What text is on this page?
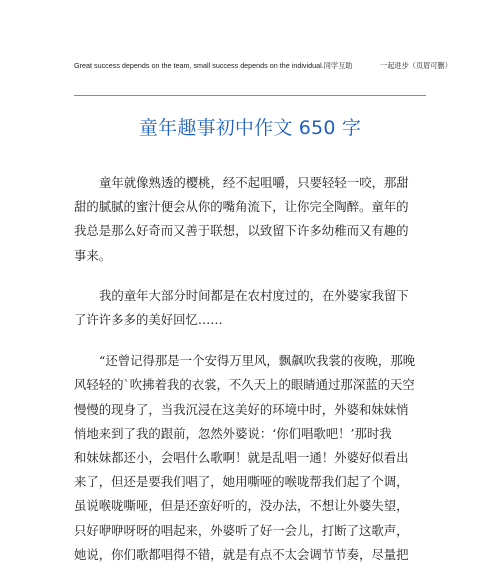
Great success depends on the team, small success depends on the individual.同学互助	一起进步（页眉可删）
童年趣事初中作文 650 字
童年就像熟透的樱桃，经不起咀嚼，只要轻轻一咬，那甜
甜的腻腻的蜜汁便会从你的嘴角流下，让你完全陶醉。童年的
我总是那么好奇而又善于联想，以致留下许多幼稚而又有趣的
事来。
我的童年大部分时间都是在农村度过的，在外婆家我留下
了许许多多的美好回忆……
“还曾记得那是一个安得万里风，飘飙吹我裳的夜晚，那晚
风轻轻的`吹拂着我的衣裳，不久天上的眼睛通过那深蓝的天空
慢慢的现身了，当我沉浸在这美好的环境中时，外婆和妹妹悄
悄地来到了我的跟前，忽然外婆说：‘你们唱歌吧！’那时我
和妹妹都还小，会唱什么歌啊！就是乱唱一通！外婆好似看出
来了，但还是要我们唱了，她用嘶哑的喉咙帮我们起了个调，
虽说喉咙嘶哑，但是还蛮好听的，没办法，不想让外婆失望，
只好咿咿呀呀的唱起来，外婆听了好一会儿，打断了这歌声，
她说，你们歌都唱得不错，就是有点不太会调节节奏，尽量把
